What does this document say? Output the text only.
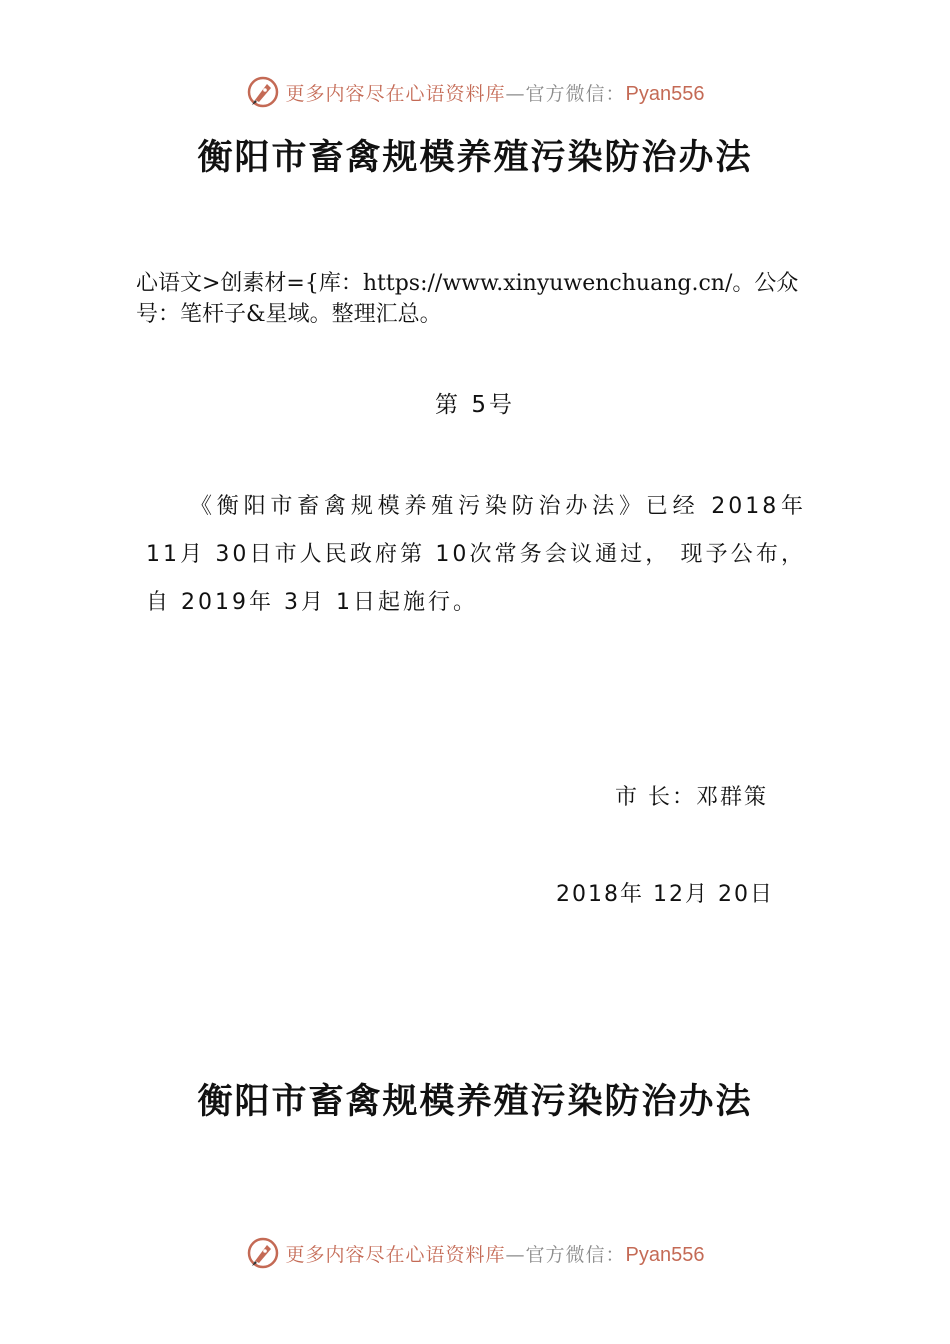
更多内容尽在心语资料库—官方微信：Pyan556
衡阳市畜禽规模养殖污染防治办法

心语文>创素材={库：https://www.xinyuwenchuang.cn/。公众号：笔杆子&星域。整理汇总。

第 5号

《衡阳市畜禽规模养殖污染防治办法》已经 2018年 11月 30日市人民政府第 10次常务会议通过， 现予公布， 自 2019年 3月 1日起施行。

市 长：邓群策

2018年 12月 20日

衡阳市畜禽规模养殖污染防治办法
更多内容尽在心语资料库—官方微信：Pyan556
